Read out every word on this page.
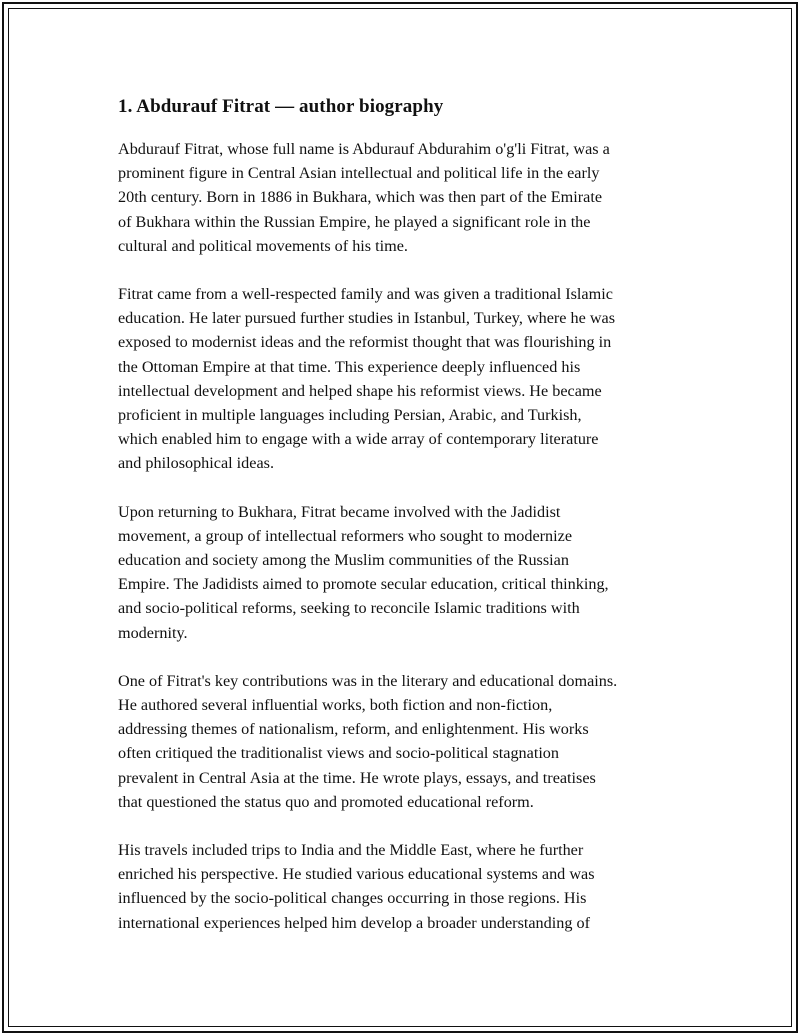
1. Abdurauf Fitrat — author biography

Abdurauf Fitrat, whose full name is Abdurauf Abdurahim o'g'li Fitrat, was a
prominent figure in Central Asian intellectual and political life in the early
20th century. Born in 1886 in Bukhara, which was then part of the Emirate
of Bukhara within the Russian Empire, he played a significant role in the
cultural and political movements of his time.

Fitrat came from a well-respected family and was given a traditional Islamic
education. He later pursued further studies in Istanbul, Turkey, where he was
exposed to modernist ideas and the reformist thought that was flourishing in
the Ottoman Empire at that time. This experience deeply influenced his
intellectual development and helped shape his reformist views. He became
proficient in multiple languages including Persian, Arabic, and Turkish,
which enabled him to engage with a wide array of contemporary literature
and philosophical ideas.

Upon returning to Bukhara, Fitrat became involved with the Jadidist
movement, a group of intellectual reformers who sought to modernize
education and society among the Muslim communities of the Russian
Empire. The Jadidists aimed to promote secular education, critical thinking,
and socio-political reforms, seeking to reconcile Islamic traditions with
modernity.

One of Fitrat's key contributions was in the literary and educational domains.
He authored several influential works, both fiction and non-fiction,
addressing themes of nationalism, reform, and enlightenment. His works
often critiqued the traditionalist views and socio-political stagnation
prevalent in Central Asia at the time. He wrote plays, essays, and treatises
that questioned the status quo and promoted educational reform.

His travels included trips to India and the Middle East, where he further
enriched his perspective. He studied various educational systems and was
influenced by the socio-political changes occurring in those regions. His
international experiences helped him develop a broader understanding of
